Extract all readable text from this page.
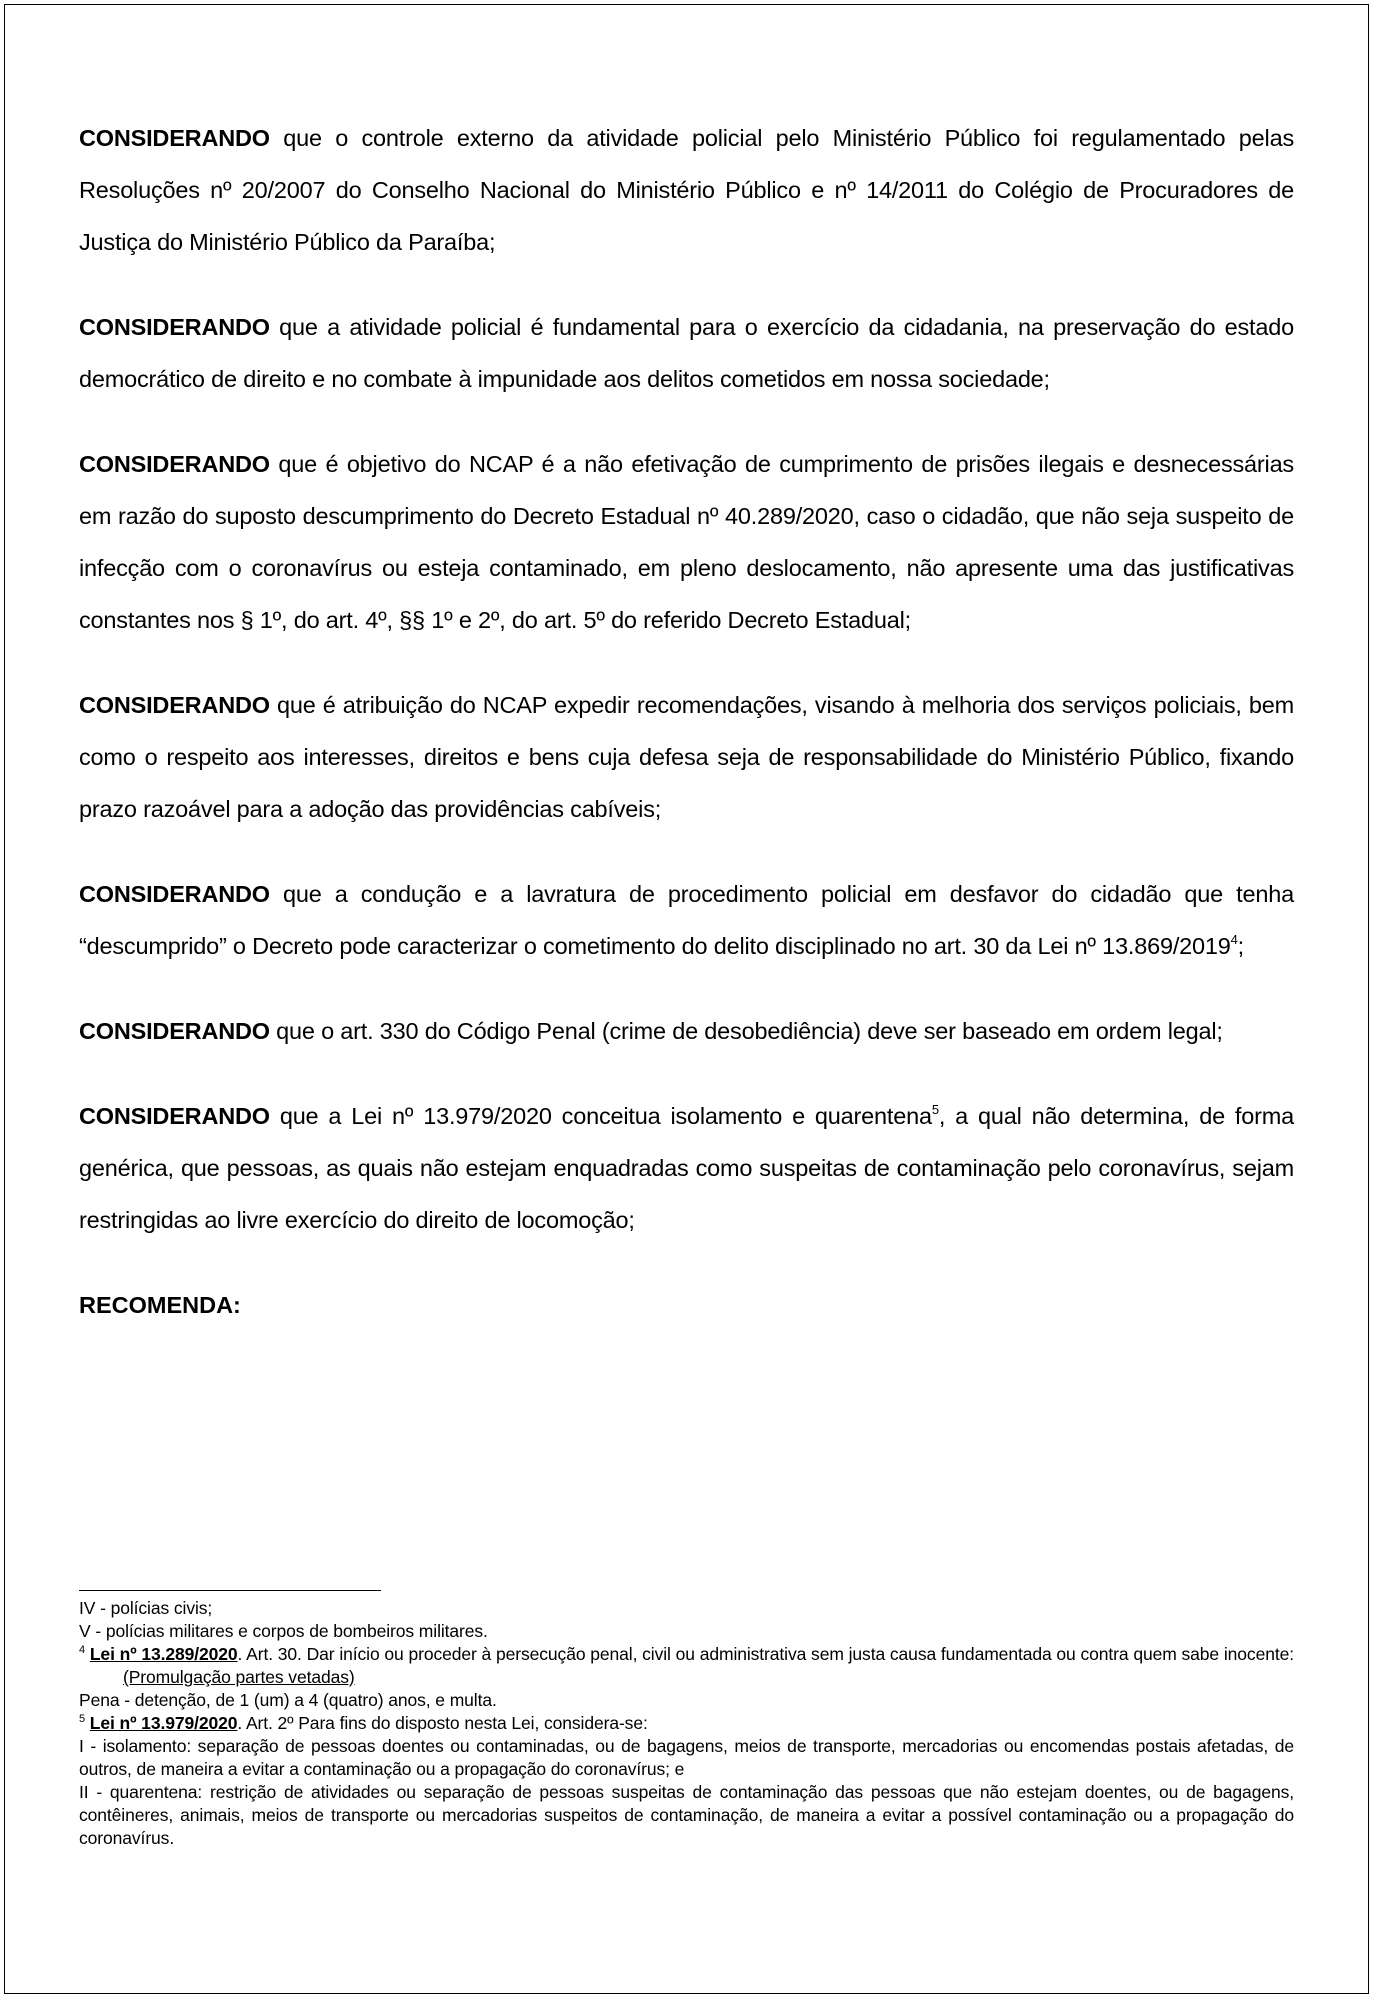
CONSIDERANDO que o controle externo da atividade policial pelo Ministério Público foi regulamentado pelas Resoluções nº 20/2007 do Conselho Nacional do Ministério Público e nº 14/2011 do Colégio de Procuradores de Justiça do Ministério Público da Paraíba;

CONSIDERANDO que a atividade policial é fundamental para o exercício da cidadania, na preservação do estado democrático de direito e no combate à impunidade aos delitos cometidos em nossa sociedade;

CONSIDERANDO que é objetivo do NCAP é a não efetivação de cumprimento de prisões ilegais e desnecessárias em razão do suposto descumprimento do Decreto Estadual nº 40.289/2020, caso o cidadão, que não seja suspeito de infecção com o coronavírus ou esteja contaminado, em pleno deslocamento, não apresente uma das justificativas constantes nos § 1º, do art. 4º, §§ 1º e 2º, do art. 5º do referido Decreto Estadual;

CONSIDERANDO que é atribuição do NCAP expedir recomendações, visando à melhoria dos serviços policiais, bem como o respeito aos interesses, direitos e bens cuja defesa seja de responsabilidade do Ministério Público, fixando prazo razoável para a adoção das providências cabíveis;

CONSIDERANDO que a condução e a lavratura de procedimento policial em desfavor do cidadão que tenha “descumprido” o Decreto pode caracterizar o cometimento do delito disciplinado no art. 30 da Lei nº 13.869/2019$^4$;

CONSIDERANDO que o art. 330 do Código Penal (crime de desobediência) deve ser baseado em ordem legal;

CONSIDERANDO que a Lei nº 13.979/2020 conceitua isolamento e quarentena$^5$, a qual não determina, de forma genérica, que pessoas, as quais não estejam enquadradas como suspeitas de contaminação pelo coronavírus, sejam restringidas ao livre exercício do direito de locomoção;

RECOMENDA:

IV - polícias civis;

V - polícias militares e corpos de bombeiros militares.

$^4$ Lei nº 13.289/2020. Art. 30. Dar início ou proceder à persecução penal, civil ou administrativa sem justa causa fundamentada ou contra quem sabe inocente:(Promulgação partes vetadas)

Pena - detenção, de 1 (um) a 4 (quatro) anos, e multa.

$^5$ Lei nº 13.979/2020. Art. 2º Para fins do disposto nesta Lei, considera-se:

I - isolamento: separação de pessoas doentes ou contaminadas, ou de bagagens, meios de transporte, mercadorias ou encomendas postais afetadas, de outros, de maneira a evitar a contaminação ou a propagação do coronavírus; e

II - quarentena: restrição de atividades ou separação de pessoas suspeitas de contaminação das pessoas que não estejam doentes, ou de bagagens, contêineres, animais, meios de transporte ou mercadorias suspeitos de contaminação, de maneira a evitar a possível contaminação ou a propagação do coronavírus.
